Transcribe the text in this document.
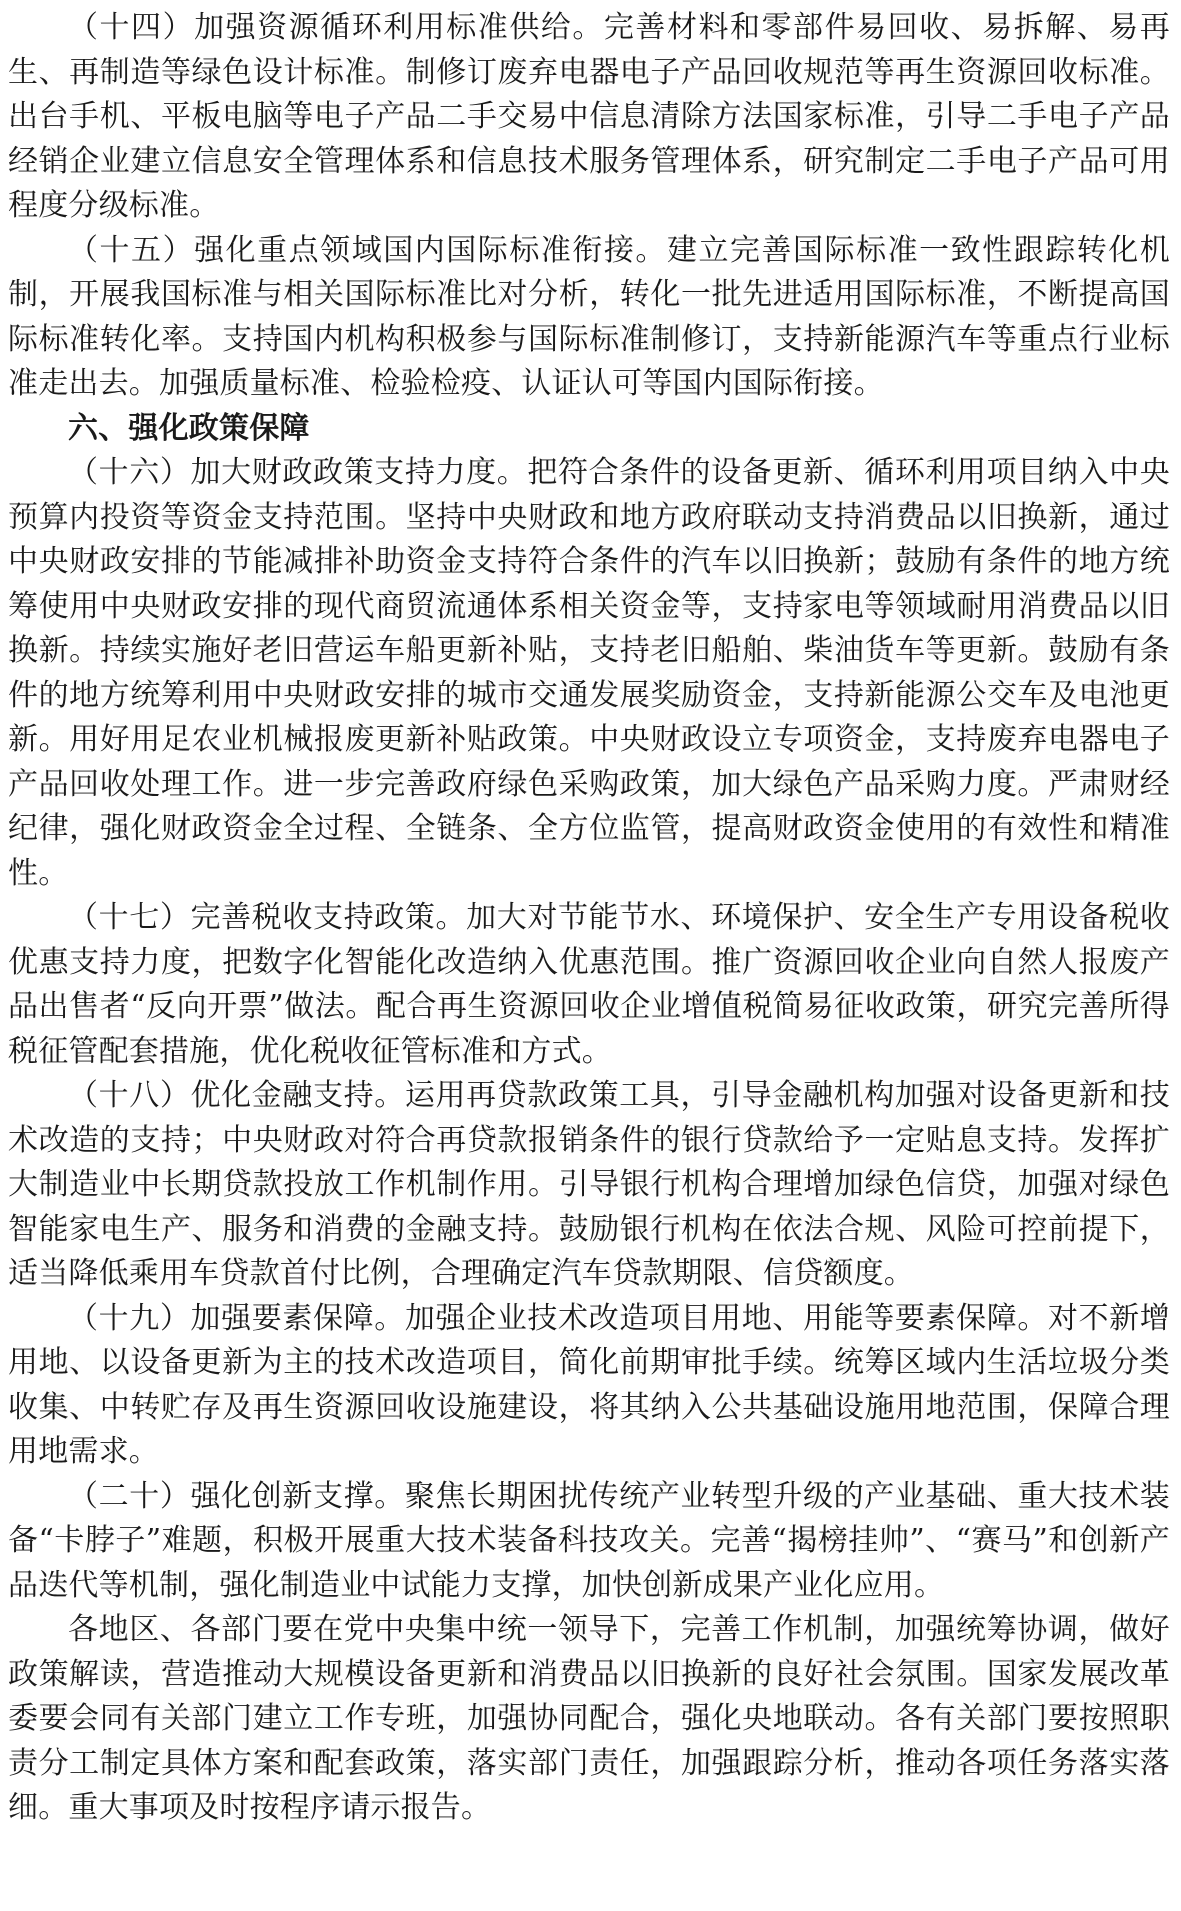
（十四）加强资源循环利用标准供给。完善材料和零部件易回收、易拆解、易再生、再制造等绿色设计标准。制修订废弃电器电子产品回收规范等再生资源回收标准。出台手机、平板电脑等电子产品二手交易中信息清除方法国家标准，引导二手电子产品经销企业建立信息安全管理体系和信息技术服务管理体系，研究制定二手电子产品可用程度分级标准。

（十五）强化重点领域国内国际标准衔接。建立完善国际标准一致性跟踪转化机制，开展我国标准与相关国际标准比对分析，转化一批先进适用国际标准，不断提高国际标准转化率。支持国内机构积极参与国际标准制修订，支持新能源汽车等重点行业标准走出去。加强质量标准、检验检疫、认证认可等国内国际衔接。

六、强化政策保障

（十六）加大财政政策支持力度。把符合条件的设备更新、循环利用项目纳入中央预算内投资等资金支持范围。坚持中央财政和地方政府联动支持消费品以旧换新，通过中央财政安排的节能减排补助资金支持符合条件的汽车以旧换新；鼓励有条件的地方统筹使用中央财政安排的现代商贸流通体系相关资金等，支持家电等领域耐用消费品以旧换新。持续实施好老旧营运车船更新补贴，支持老旧船舶、柴油货车等更新。鼓励有条件的地方统筹利用中央财政安排的城市交通发展奖励资金，支持新能源公交车及电池更新。用好用足农业机械报废更新补贴政策。中央财政设立专项资金，支持废弃电器电子产品回收处理工作。进一步完善政府绿色采购政策，加大绿色产品采购力度。严肃财经纪律，强化财政资金全过程、全链条、全方位监管，提高财政资金使用的有效性和精准性。

（十七）完善税收支持政策。加大对节能节水、环境保护、安全生产专用设备税收优惠支持力度，把数字化智能化改造纳入优惠范围。推广资源回收企业向自然人报废产品出售者“反向开票”做法。配合再生资源回收企业增值税简易征收政策，研究完善所得税征管配套措施，优化税收征管标准和方式。

（十八）优化金融支持。运用再贷款政策工具，引导金融机构加强对设备更新和技术改造的支持；中央财政对符合再贷款报销条件的银行贷款给予一定贴息支持。发挥扩大制造业中长期贷款投放工作机制作用。引导银行机构合理增加绿色信贷，加强对绿色智能家电生产、服务和消费的金融支持。鼓励银行机构在依法合规、风险可控前提下，适当降低乘用车贷款首付比例，合理确定汽车贷款期限、信贷额度。

（十九）加强要素保障。加强企业技术改造项目用地、用能等要素保障。对不新增用地、以设备更新为主的技术改造项目，简化前期审批手续。统筹区域内生活垃圾分类收集、中转贮存及再生资源回收设施建设，将其纳入公共基础设施用地范围，保障合理用地需求。

（二十）强化创新支撑。聚焦长期困扰传统产业转型升级的产业基础、重大技术装备“卡脖子”难题，积极开展重大技术装备科技攻关。完善“揭榜挂帅”、“赛马”和创新产品迭代等机制，强化制造业中试能力支撑，加快创新成果产业化应用。

各地区、各部门要在党中央集中统一领导下，完善工作机制，加强统筹协调，做好政策解读，营造推动大规模设备更新和消费品以旧换新的良好社会氛围。国家发展改革委要会同有关部门建立工作专班，加强协同配合，强化央地联动。各有关部门要按照职责分工制定具体方案和配套政策，落实部门责任，加强跟踪分析，推动各项任务落实落细。重大事项及时按程序请示报告。
